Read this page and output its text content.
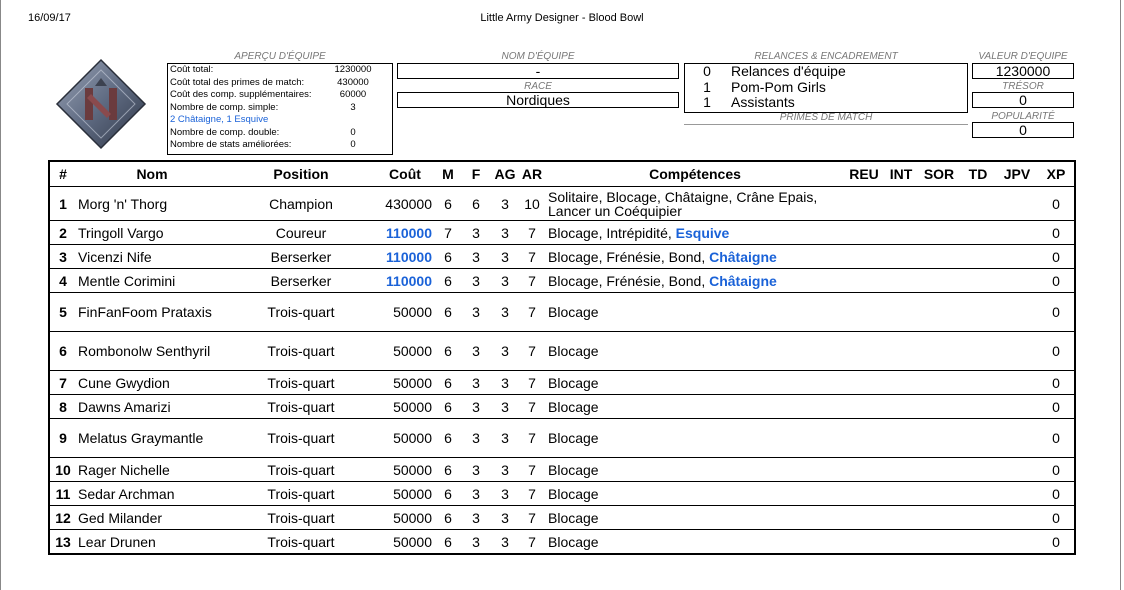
16/09/17	Little Army Designer - Blood Bowl
APERÇU D'ÉQUIPE
Coût total:	1230000
Coût total des primes de match:	430000
Coût des comp. supplémentaires:	60000
Nombre de comp. simple:	3
2 Châtaigne, 1 Esquive
Nombre de comp. double:	0
Nombre de stats améliorées:	0
NOM D'ÉQUIPE
-
RACE
Nordiques
RELANCES & ENCADREMENT
0	Relances d'équipe
1	Pom-Pom Girls
1	Assistants
PRIMES DE MATCH
VALEUR D'EQUIPE
1230000
TRÉSOR
0
POPULARITÉ
0
#	Nom	Position	Coût	M	F	AG	AR	Compétences	REU	INT	SOR	TD	JPV	XP
1	Morg 'n' Thorg	Champion	430000	6	6	3	10	Solitaire, Blocage, Châtaigne, Crâne Epais, Lancer un Coéquipier						0
2	Tringoll Vargo	Coureur	110000	7	3	3	7	Blocage, Intrépidité, Esquive						0
3	Vicenzi Nife	Berserker	110000	6	3	3	7	Blocage, Frénésie, Bond, Châtaigne						0
4	Mentle Corimini	Berserker	110000	6	3	3	7	Blocage, Frénésie, Bond, Châtaigne						0
5	FinFanFoom Prataxis	Trois-quart	50000	6	3	3	7	Blocage						0
6	Rombonolw Senthyril	Trois-quart	50000	6	3	3	7	Blocage						0
7	Cune Gwydion	Trois-quart	50000	6	3	3	7	Blocage						0
8	Dawns Amarizi	Trois-quart	50000	6	3	3	7	Blocage						0
9	Melatus Graymantle	Trois-quart	50000	6	3	3	7	Blocage						0
10	Rager Nichelle	Trois-quart	50000	6	3	3	7	Blocage						0
11	Sedar Archman	Trois-quart	50000	6	3	3	7	Blocage						0
12	Ged Milander	Trois-quart	50000	6	3	3	7	Blocage						0
13	Lear Drunen	Trois-quart	50000	6	3	3	7	Blocage						0
